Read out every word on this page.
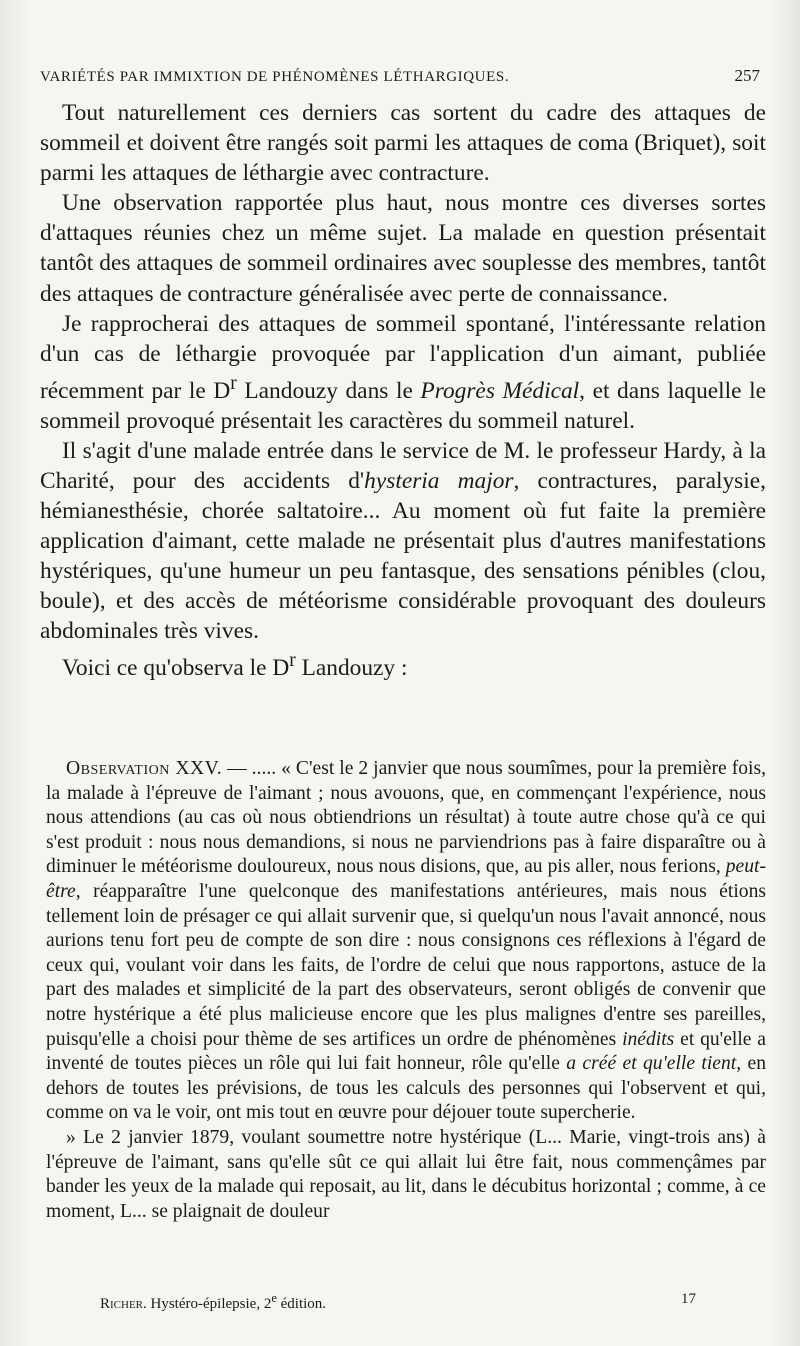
VARIÉTÉS PAR IMMIXTION DE PHÉNOMÈNES LÉTHARGIQUES.	257

Tout naturellement ces derniers cas sortent du cadre des attaques de sommeil et doivent être rangés soit parmi les attaques de coma (Briquet), soit parmi les attaques de léthargie avec contracture.

Une observation rapportée plus haut, nous montre ces diverses sortes d'attaques réunies chez un même sujet. La malade en question présentait tantôt des attaques de sommeil ordinaires avec souplesse des membres, tantôt des attaques de contracture généralisée avec perte de connaissance.

Je rapprocherai des attaques de sommeil spontané, l'intéressante relation d'un cas de léthargie provoquée par l'application d'un aimant, publiée récemment par le $D^r$ Landouzy dans le Progrès Médical, et dans laquelle le sommeil provoqué présentait les caractères du sommeil naturel.

Il s'agit d'une malade entrée dans le service de M. le professeur Hardy, à la Charité, pour des accidents d'hysteria major, contractures, paralysie, hémianesthésie, chorée saltatoire... Au moment où fut faite la première application d'aimant, cette malade ne présentait plus d'autres manifestations hystériques, qu'une humeur un peu fantasque, des sensations pénibles (clou, boule), et des accès de météorisme considérable provoquant des douleurs abdominales très vives.

Voici ce qu'observa le $D^r$ Landouzy :

Observation XXV. — ..... « C'est le 2 janvier que nous soumîmes, pour la première fois, la malade à l'épreuve de l'aimant ; nous avouons, que, en commençant l'expérience, nous nous attendions (au cas où nous obtiendrions un résultat) à toute autre chose qu'à ce qui s'est produit : nous nous demandions, si nous ne parviendrions pas à faire disparaître ou à diminuer le météorisme douloureux, nous nous disions, que, au pis aller, nous ferions, peut-être, réapparaître l'une quelconque des manifestations antérieures, mais nous étions tellement loin de présager ce qui allait survenir que, si quelqu'un nous l'avait annoncé, nous aurions tenu fort peu de compte de son dire : nous consignons ces réflexions à l'égard de ceux qui, voulant voir dans les faits, de l'ordre de celui que nous rapportons, astuce de la part des malades et simplicité de la part des observateurs, seront obligés de convenir que notre hystérique a été plus malicieuse encore que les plus malignes d'entre ses pareilles, puisqu'elle a choisi pour thème de ses artifices un ordre de phénomènes inédits et qu'elle a inventé de toutes pièces un rôle qui lui fait honneur, rôle qu'elle a créé et qu'elle tient, en dehors de toutes les prévisions, de tous les calculs des personnes qui l'observent et qui, comme on va le voir, ont mis tout en œuvre pour déjouer toute supercherie.

» Le 2 janvier 1879, voulant soumettre notre hystérique (L... Marie, vingt-trois ans) à l'épreuve de l'aimant, sans qu'elle sût ce qui allait lui être fait, nous commençâmes par bander les yeux de la malade qui reposait, au lit, dans le décubitus horizontal ; comme, à ce moment, L... se plaignait de douleur

Richer. Hystéro-épilepsie, 2e édition.	17
